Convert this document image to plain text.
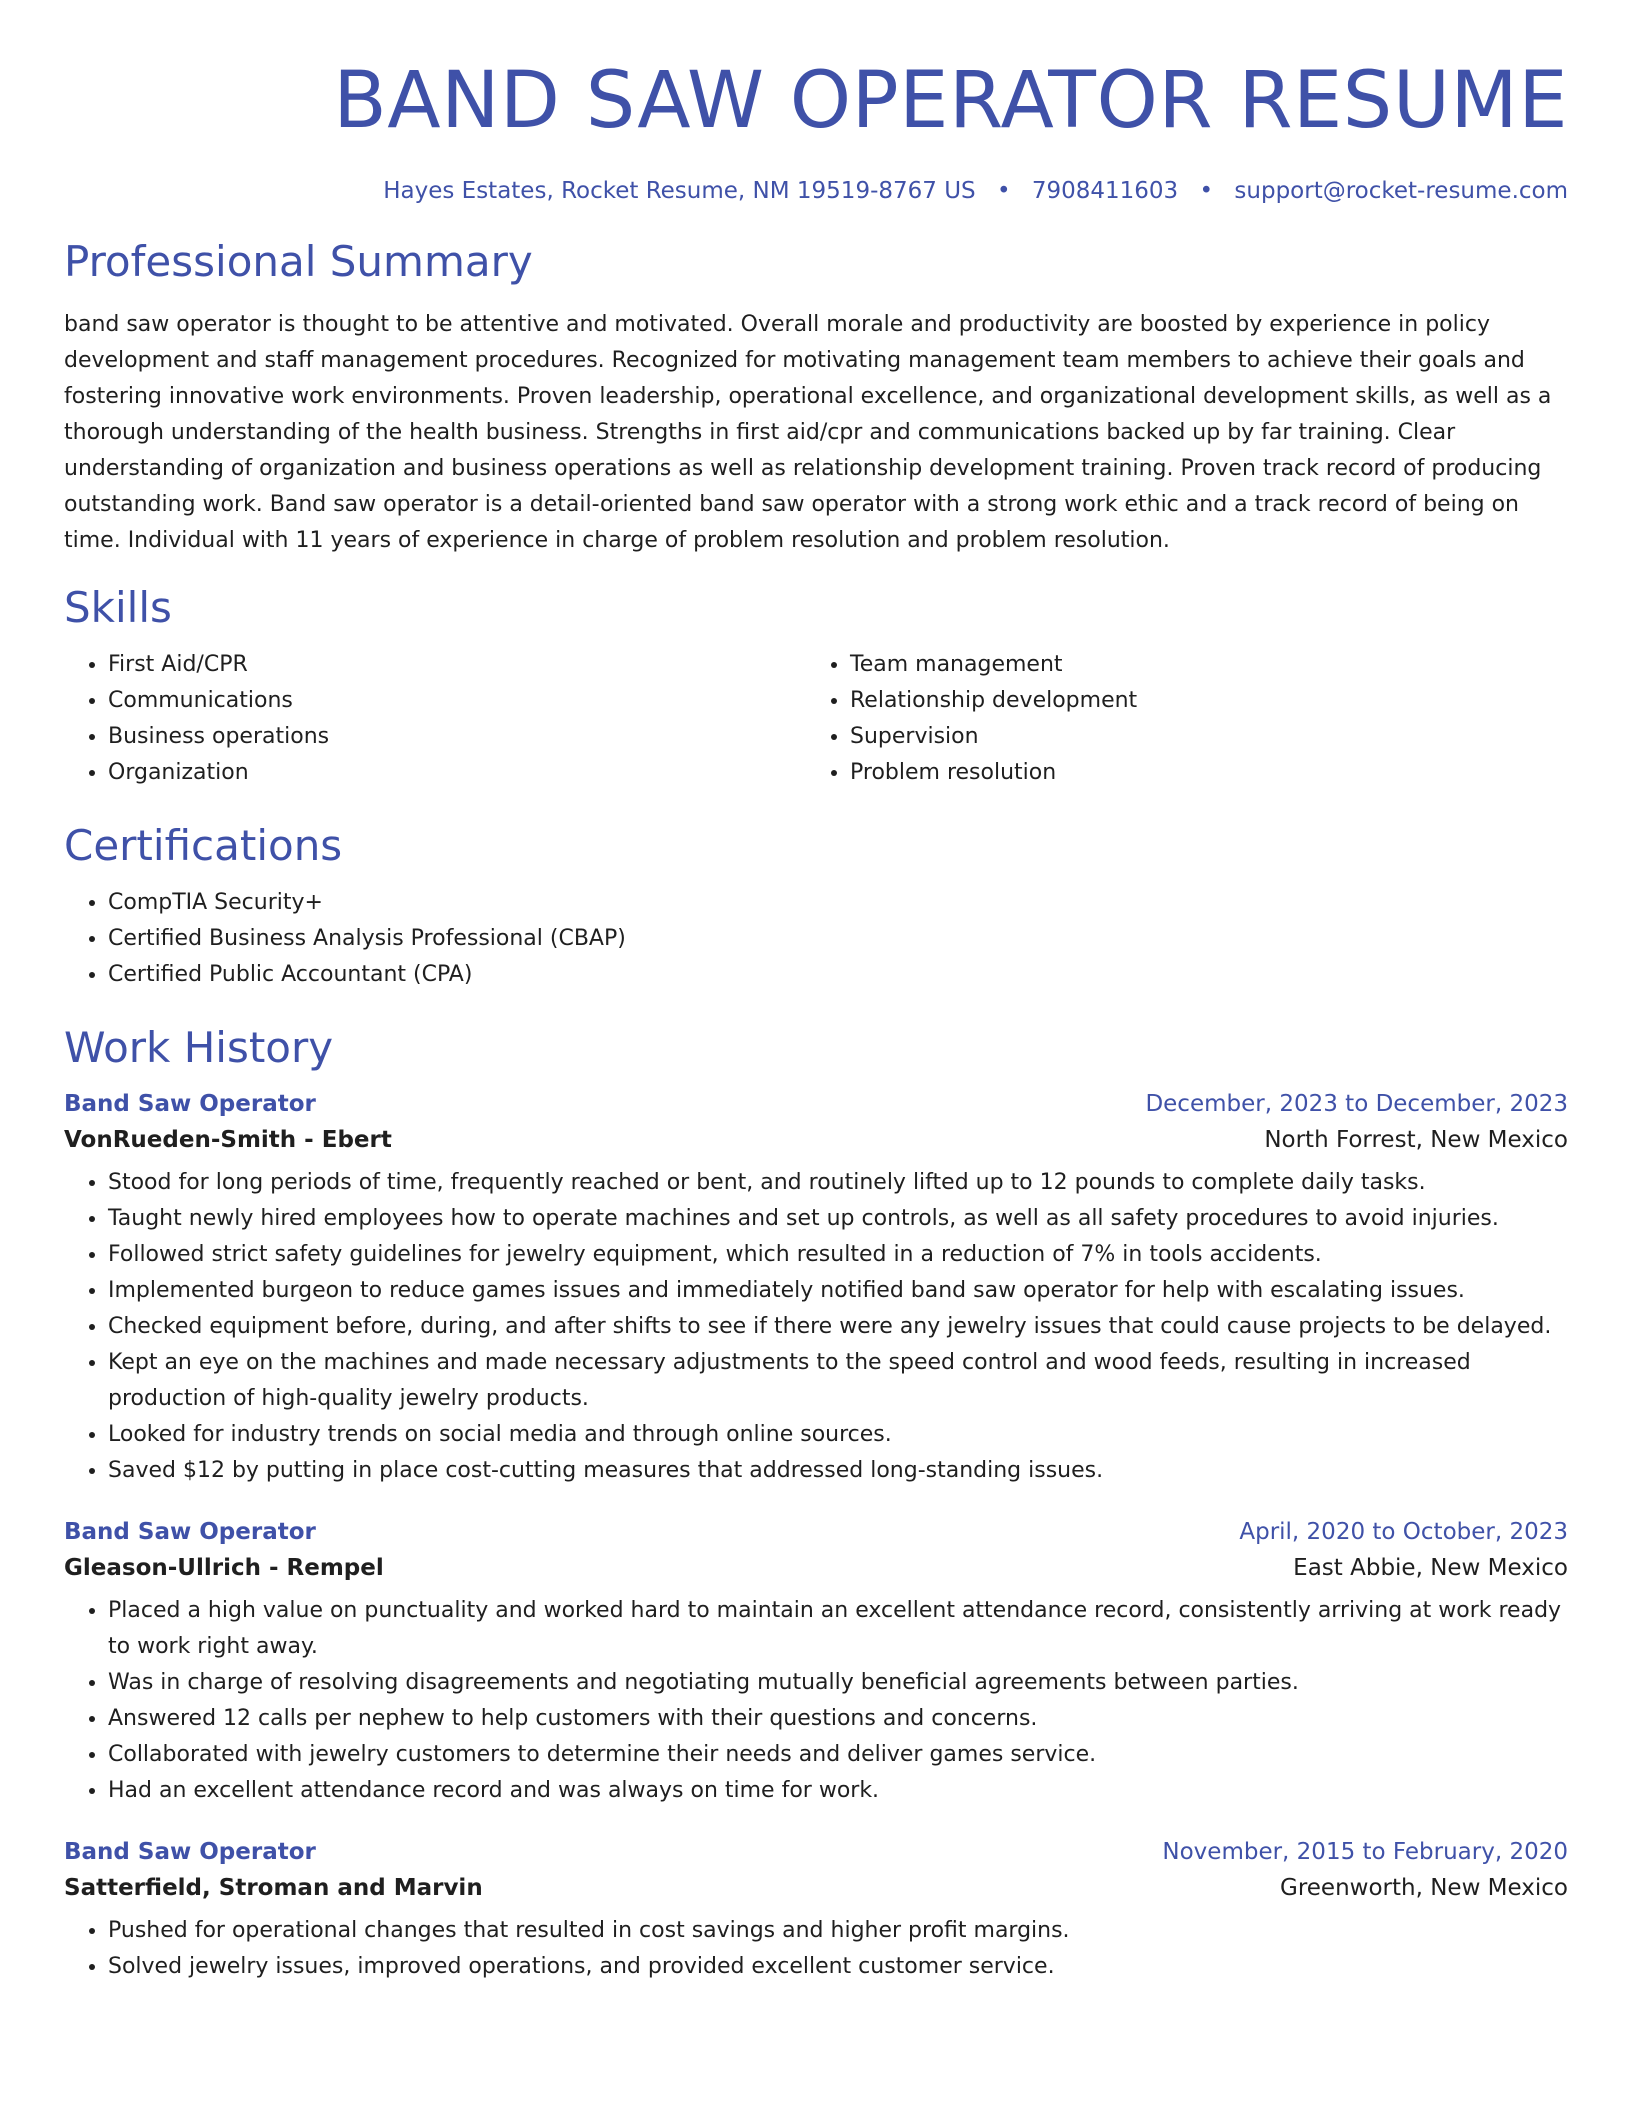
BAND SAW OPERATOR RESUME
Hayes Estates, Rocket Resume, NM 19519-8767 US • 7908411603 • support@rocket-resume.com
Professional Summary

band saw operator is thought to be attentive and motivated. Overall morale and productivity are boosted by experience in policy development and staff management procedures. Recognized for motivating management team members to achieve their goals and fostering innovative work environments. Proven leadership, operational excellence, and organizational development skills, as well as a thorough understanding of the health business. Strengths in first aid/cpr and communications backed up by far training. Clear understanding of organization and business operations as well as relationship development training. Proven track record of producing outstanding work. Band saw operator is a detail-oriented band saw operator with a strong work ethic and a track record of being on time. Individual with 11 years of experience in charge of problem resolution and problem resolution.

Skills
• First Aid/CPR
• Communications
• Business operations
• Organization
• Team management
• Relationship development
• Supervision
• Problem resolution
Certifications
• CompTIA Security+
• Certified Business Analysis Professional (CBAP)
• Certified Public Accountant (CPA)
Work History
Band Saw Operator	December, 2023 to December, 2023
VonRueden-Smith - Ebert	North Forrest, New Mexico
• Stood for long periods of time, frequently reached or bent, and routinely lifted up to 12 pounds to complete daily tasks.
• Taught newly hired employees how to operate machines and set up controls, as well as all safety procedures to avoid injuries.
• Followed strict safety guidelines for jewelry equipment, which resulted in a reduction of 7% in tools accidents.
• Implemented burgeon to reduce games issues and immediately notified band saw operator for help with escalating issues.
• Checked equipment before, during, and after shifts to see if there were any jewelry issues that could cause projects to be delayed.
• Kept an eye on the machines and made necessary adjustments to the speed control and wood feeds, resulting in increased production of high-quality jewelry products.
• Looked for industry trends on social media and through online sources.
• Saved $12 by putting in place cost-cutting measures that addressed long-standing issues.
Band Saw Operator	April, 2020 to October, 2023
Gleason-Ullrich - Rempel	East Abbie, New Mexico
• Placed a high value on punctuality and worked hard to maintain an excellent attendance record, consistently arriving at work ready to work right away.
• Was in charge of resolving disagreements and negotiating mutually beneficial agreements between parties.
• Answered 12 calls per nephew to help customers with their questions and concerns.
• Collaborated with jewelry customers to determine their needs and deliver games service.
• Had an excellent attendance record and was always on time for work.
Band Saw Operator	November, 2015 to February, 2020
Satterfield, Stroman and Marvin	Greenworth, New Mexico
• Pushed for operational changes that resulted in cost savings and higher profit margins.
• Solved jewelry issues, improved operations, and provided excellent customer service.
